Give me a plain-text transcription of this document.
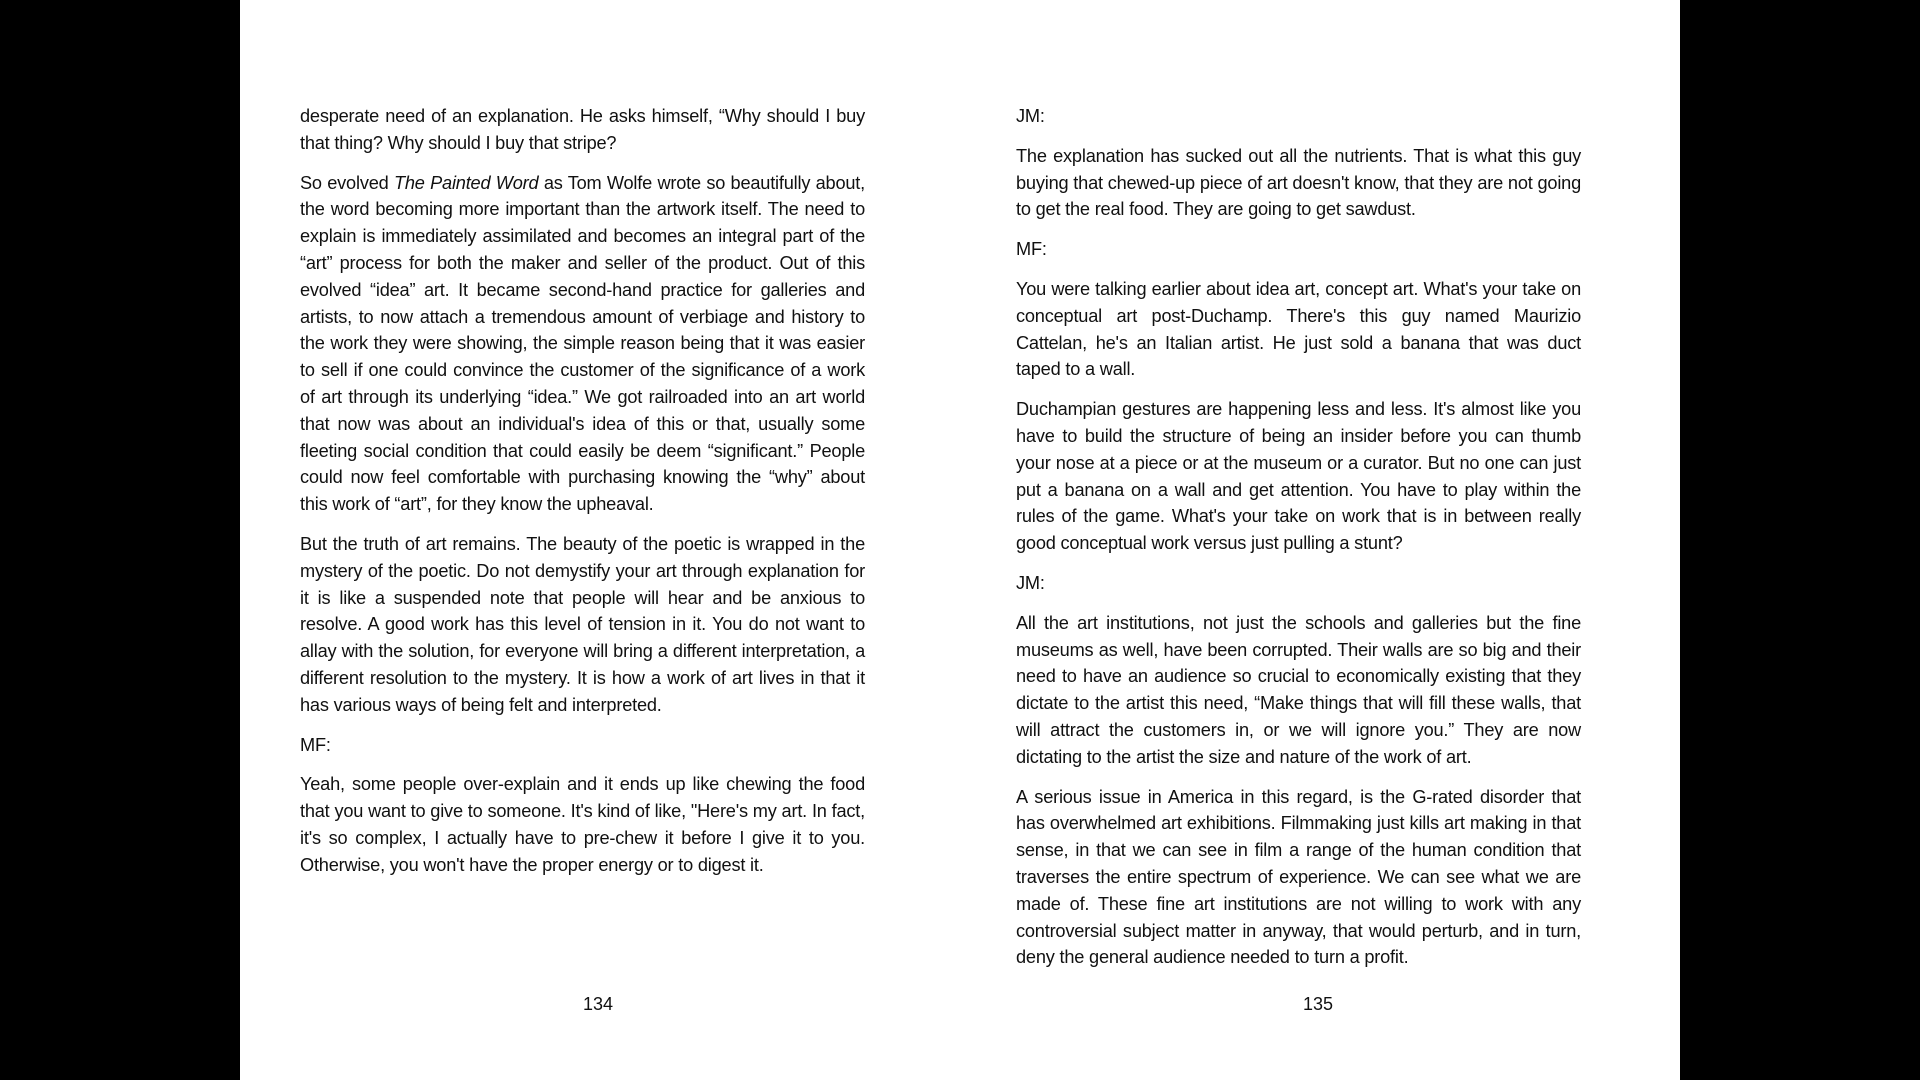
desperate need of an explanation. He asks himself, “Why should I buy that thing? Why should I buy that stripe?

So evolved The Painted Word as Tom Wolfe wrote so beautifully about, the word becoming more important than the artwork itself. The need to explain is immediately assimilated and becomes an integral part of the “art” process for both the maker and seller of the product. Out of this evolved “idea” art. It became second-hand practice for galleries and artists, to now attach a tremendous amount of verbiage and history to the work they were showing, the simple reason being that it was easier to sell if one could convince the customer of the significance of a work of art through its underlying “idea.” We got railroaded into an art world that now was about an individual's idea of this or that, usually some fleeting social condition that could easily be deem “significant.” People could now feel comfortable with purchasing knowing the “why” about this work of “art”, for they know the upheaval.

But the truth of art remains. The beauty of the poetic is wrapped in the mystery of the poetic. Do not demystify your art through explanation for it is like a suspended note that people will hear and be anxious to resolve. A good work has this level of tension in it. You do not want to allay with the solution, for everyone will bring a different interpretation, a different resolution to the mystery. It is how a work of art lives in that it has various ways of being felt and interpreted.

MF:

Yeah, some people over-explain and it ends up like chewing the food that you want to give to someone. It's kind of like, "Here's my art. In fact, it's so complex, I actually have to pre-chew it before I give it to you. Otherwise, you won't have the proper energy or to digest it.

134

JM:

The explanation has sucked out all the nutrients. That is what this guy buying that chewed-up piece of art doesn't know, that they are not going to get the real food. They are going to get sawdust.

MF:

You were talking earlier about idea art, concept art. What's your take on conceptual art post-Duchamp. There's this guy named Maurizio Cattelan, he's an Italian artist. He just sold a banana that was duct taped to a wall.

Duchampian gestures are happening less and less. It's almost like you have to build the structure of being an insider before you can thumb your nose at a piece or at the museum or a curator. But no one can just put a banana on a wall and get attention. You have to play within the rules of the game. What's your take on work that is in between really good conceptual work versus just pulling a stunt?

JM:

All the art institutions, not just the schools and galleries but the fine museums as well, have been corrupted. Their walls are so big and their need to have an audience so crucial to economically existing that they dictate to the artist this need, “Make things that will fill these walls, that will attract the customers in, or we will ignore you.” They are now dictating to the artist the size and nature of the work of art.

A serious issue in America in this regard, is the G-rated disorder that has overwhelmed art exhibitions. Filmmaking just kills art making in that sense, in that we can see in film a range of the human condition that traverses the entire spectrum of experience. We can see what we are made of. These fine art institutions are not willing to work with any controversial subject matter in anyway, that would perturb, and in turn, deny the general audience needed to turn a profit.

135
